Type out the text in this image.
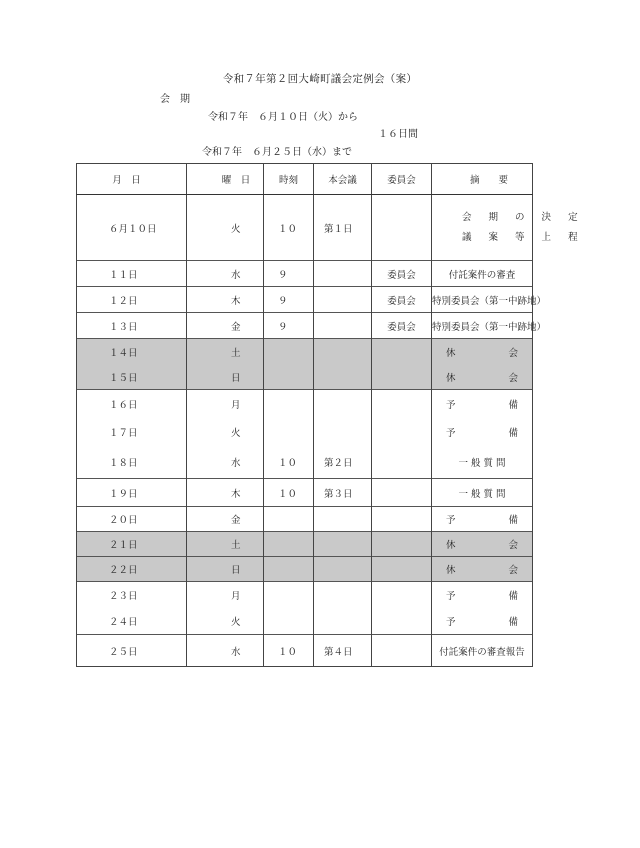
令和７年第２回大崎町議会定例会（案）
会　期
令和７年　６月１０日（火）から
１６日間
令和７年　６月２５日（水）まで
月　日	曜　日	時刻	本会議	委員会	摘　　要
６月１０日	火	１０	第１日		会 期 の 決 定
議 案 等 上 程
１１日	水	９		委員会	付託案件の審査
１２日	木	９		委員会	特別委員会（第一中跡地）
１３日	金	９		委員会	特別委員会（第一中跡地）
１４日	土				休　会
１５日	日				休　会
１６日	月				予　備
１７日	火				予　備
１８日	水	１０	第２日		一 般 質 問
１９日	木	１０	第３日		一 般 質 問
２０日	金				予　備
２１日	土				休　会
２２日	日				休　会
２３日	月				予　備
２４日	火				予　備
２５日	水	１０	第４日		付託案件の審査報告
